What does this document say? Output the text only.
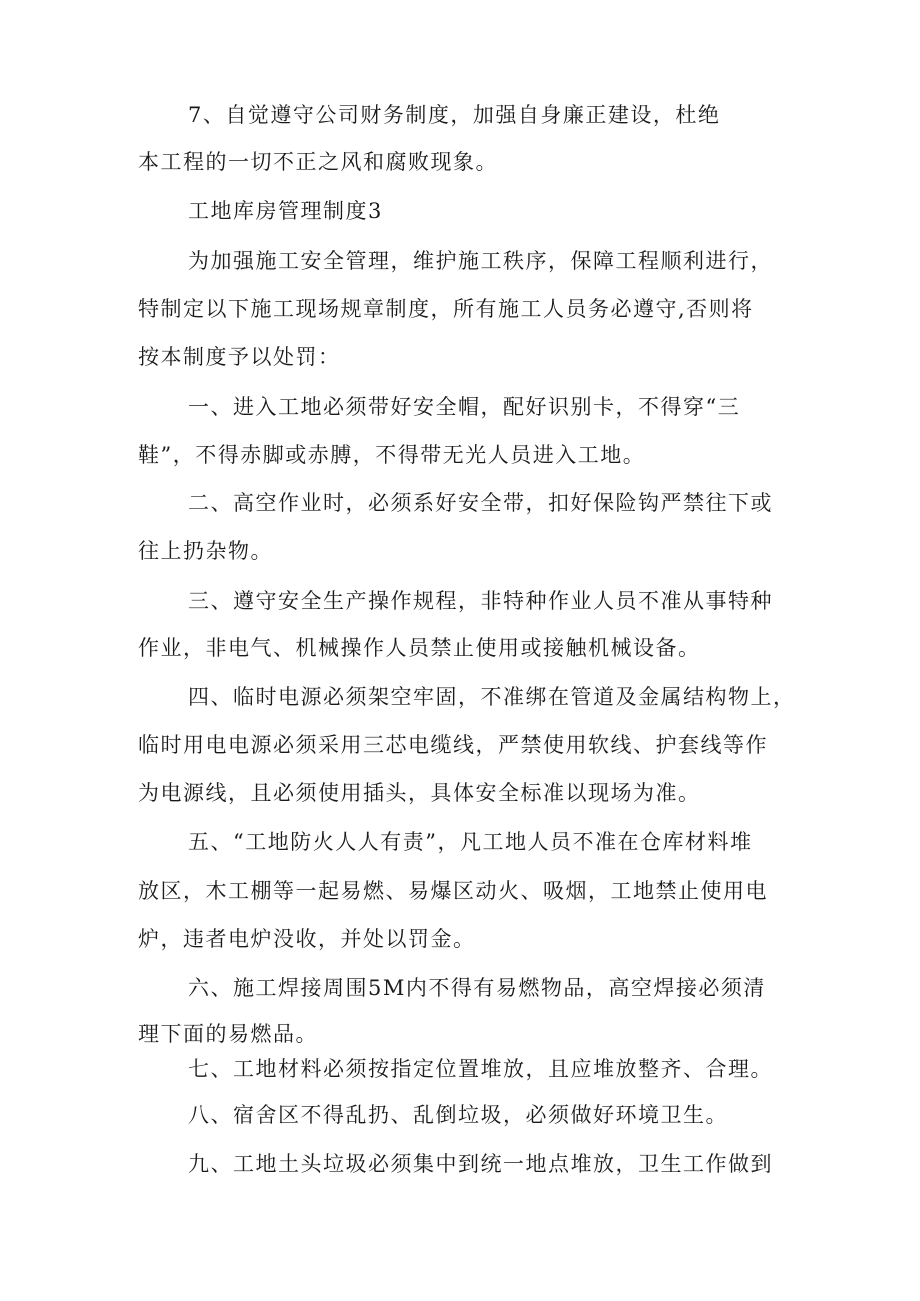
7、自觉遵守公司财务制度，加强自身廉正建设，杜绝
本工程的一切不正之风和腐败现象。
工地库房管理制度3
为加强施工安全管理，维护施工秩序，保障工程顺利进行，
特制定以下施工现场规章制度，所有施工人员务必遵守,否则将
按本制度予以处罚：
一、进入工地必须带好安全帽，配好识别卡，不得穿“三
鞋”，不得赤脚或赤膊，不得带无光人员进入工地。
二、高空作业时，必须系好安全带，扣好保险钩严禁往下或
往上扔杂物。
三、遵守安全生产操作规程，非特种作业人员不准从事特种
作业，非电气、机械操作人员禁止使用或接触机械设备。
四、临时电源必须架空牢固，不准绑在管道及金属结构物上，
临时用电电源必须采用三芯电缆线，严禁使用软线、护套线等作
为电源线，且必须使用插头，具体安全标准以现场为准。
五、“工地防火人人有责”，凡工地人员不准在仓库材料堆
放区，木工棚等一起易燃、易爆区动火、吸烟，工地禁止使用电
炉，违者电炉没收，并处以罚金。
六、施工焊接周围5M内不得有易燃物品，高空焊接必须清
理下面的易燃品。
七、工地材料必须按指定位置堆放，且应堆放整齐、合理。
八、宿舍区不得乱扔、乱倒垃圾，必须做好环境卫生。
九、工地土头垃圾必须集中到统一地点堆放，卫生工作做到
